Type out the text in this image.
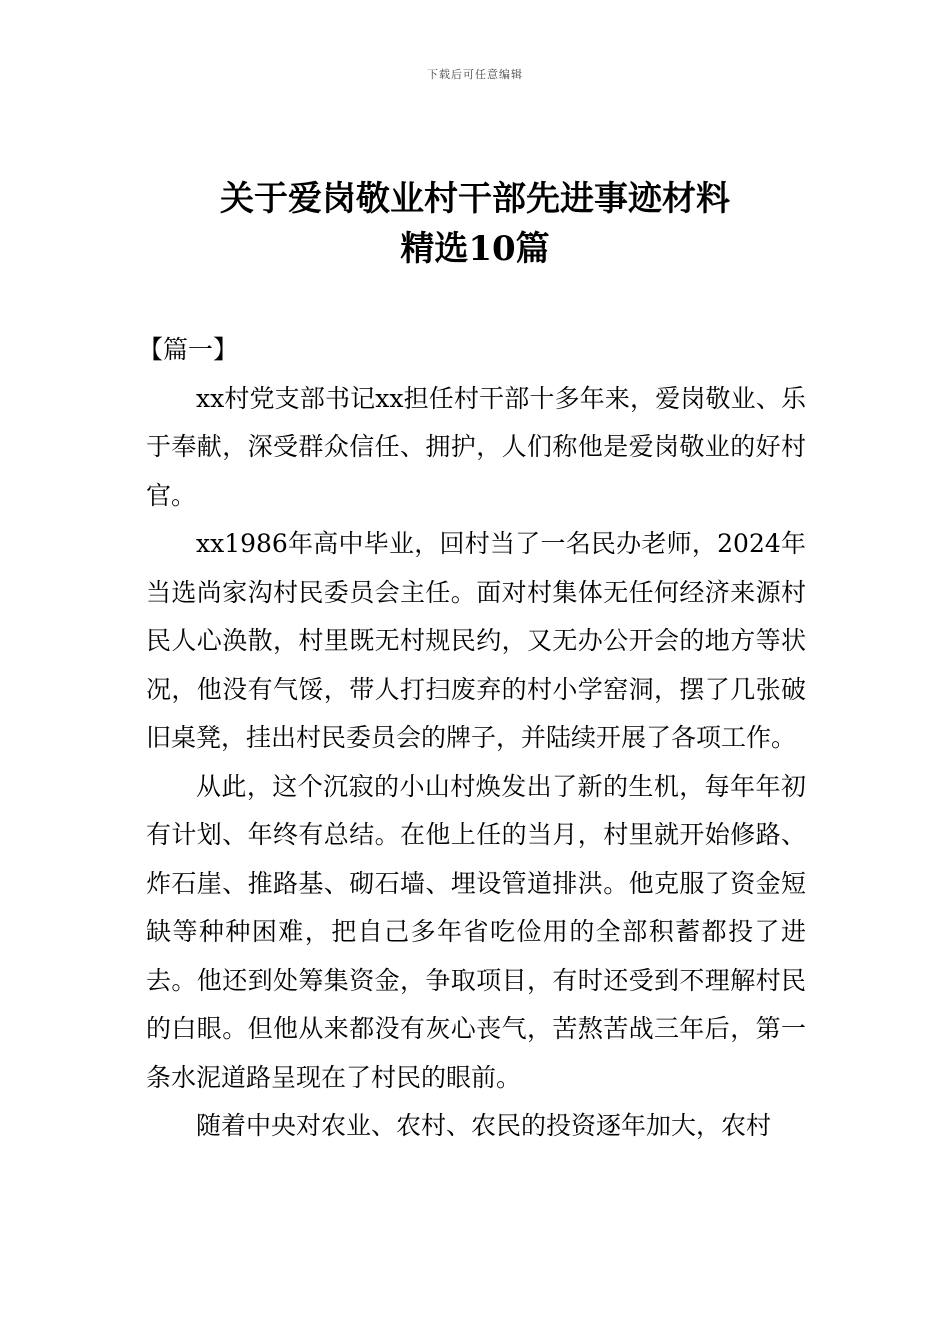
下载后可任意编辑
关于爱岗敬业村干部先进事迹材料
精选10篇

【篇一】

xx村党支部书记xx担任村干部十多年来，爱岗敬业、乐于奉献，深受群众信任、拥护，人们称他是爱岗敬业的好村官。

xx1986年高中毕业，回村当了一名民办老师，2024年当选尚家沟村民委员会主任。面对村集体无任何经济来源村民人心涣散，村里既无村规民约，又无办公开会的地方等状况，他没有气馁，带人打扫废弃的村小学窑洞，摆了几张破旧桌凳，挂出村民委员会的牌子，并陆续开展了各项工作。

从此，这个沉寂的小山村焕发出了新的生机，每年年初有计划、年终有总结。在他上任的当月，村里就开始修路、炸石崖、推路基、砌石墙、埋设管道排洪。他克服了资金短缺等种种困难，把自己多年省吃俭用的全部积蓄都投了进去。他还到处筹集资金，争取项目，有时还受到不理解村民的白眼。但他从来都没有灰心丧气，苦熬苦战三年后，第一条水泥道路呈现在了村民的眼前。

随着中央对农业、农村、农民的投资逐年加大，农村
